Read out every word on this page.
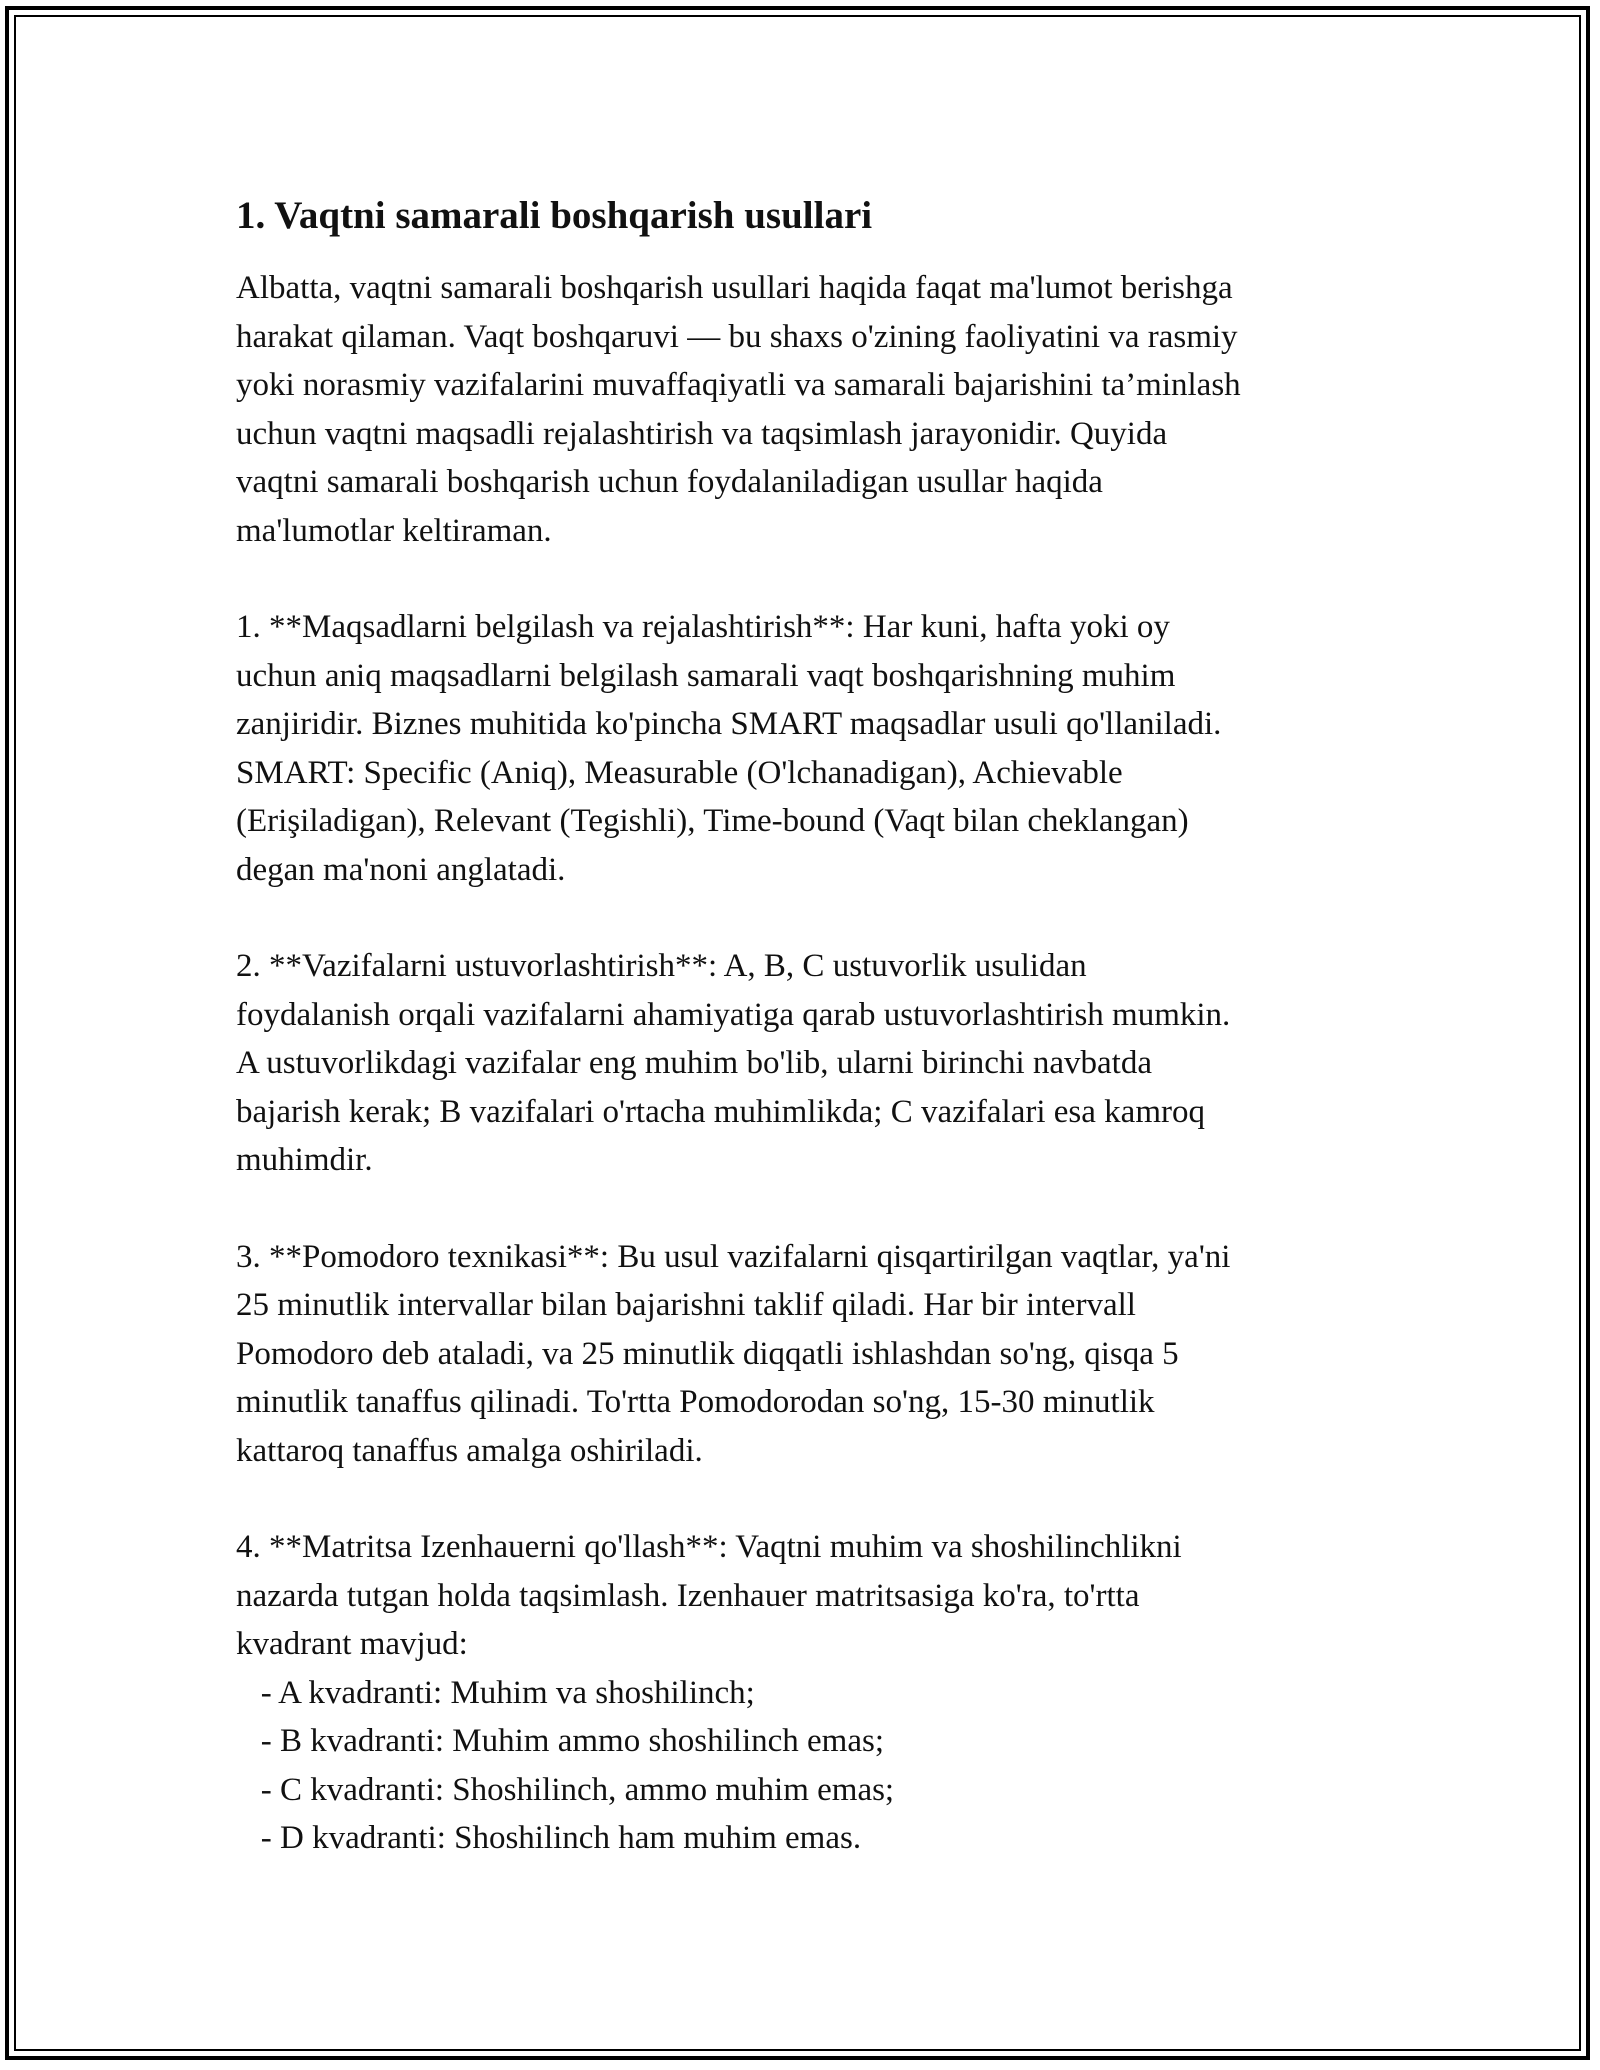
1. Vaqtni samarali boshqarish usullari

Albatta, vaqtni samarali boshqarish usullari haqida faqat ma'lumot berishga
harakat qilaman. Vaqt boshqaruvi — bu shaxs o'zining faoliyatini va rasmiy
yoki norasmiy vazifalarini muvaffaqiyatli va samarali bajarishini ta’minlash
uchun vaqtni maqsadli rejalashtirish va taqsimlash jarayonidir. Quyida
vaqtni samarali boshqarish uchun foydalaniladigan usullar haqida
ma'lumotlar keltiraman.

1. **Maqsadlarni belgilash va rejalashtirish**: Har kuni, hafta yoki oy
uchun aniq maqsadlarni belgilash samarali vaqt boshqarishning muhim
zanjiridir. Biznes muhitida ko'pincha SMART maqsadlar usuli qo'llaniladi.
SMART: Specific (Aniq), Measurable (O'lchanadigan), Achievable
(Erişiladigan), Relevant (Tegishli), Time-bound (Vaqt bilan cheklangan)
degan ma'noni anglatadi.

2. **Vazifalarni ustuvorlashtirish**: A, B, C ustuvorlik usulidan
foydalanish orqali vazifalarni ahamiyatiga qarab ustuvorlashtirish mumkin.
A ustuvorlikdagi vazifalar eng muhim bo'lib, ularni birinchi navbatda
bajarish kerak; B vazifalari o'rtacha muhimlikda; C vazifalari esa kamroq
muhimdir.

3. **Pomodoro texnikasi**: Bu usul vazifalarni qisqartirilgan vaqtlar, ya'ni
25 minutlik intervallar bilan bajarishni taklif qiladi. Har bir intervall
Pomodoro deb ataladi, va 25 minutlik diqqatli ishlashdan so'ng, qisqa 5
minutlik tanaffus qilinadi. To'rtta Pomodorodan so'ng, 15-30 minutlik
kattaroq tanaffus amalga oshiriladi.

4. **Matritsa Izenhauerni qo'llash**: Vaqtni muhim va shoshilinchlikni
nazarda tutgan holda taqsimlash. Izenhauer matritsasiga ko'ra, to'rtta
kvadrant mavjud:
- A kvadranti: Muhim va shoshilinch;
- B kvadranti: Muhim ammo shoshilinch emas;
- C kvadranti: Shoshilinch, ammo muhim emas;
- D kvadranti: Shoshilinch ham muhim emas.
